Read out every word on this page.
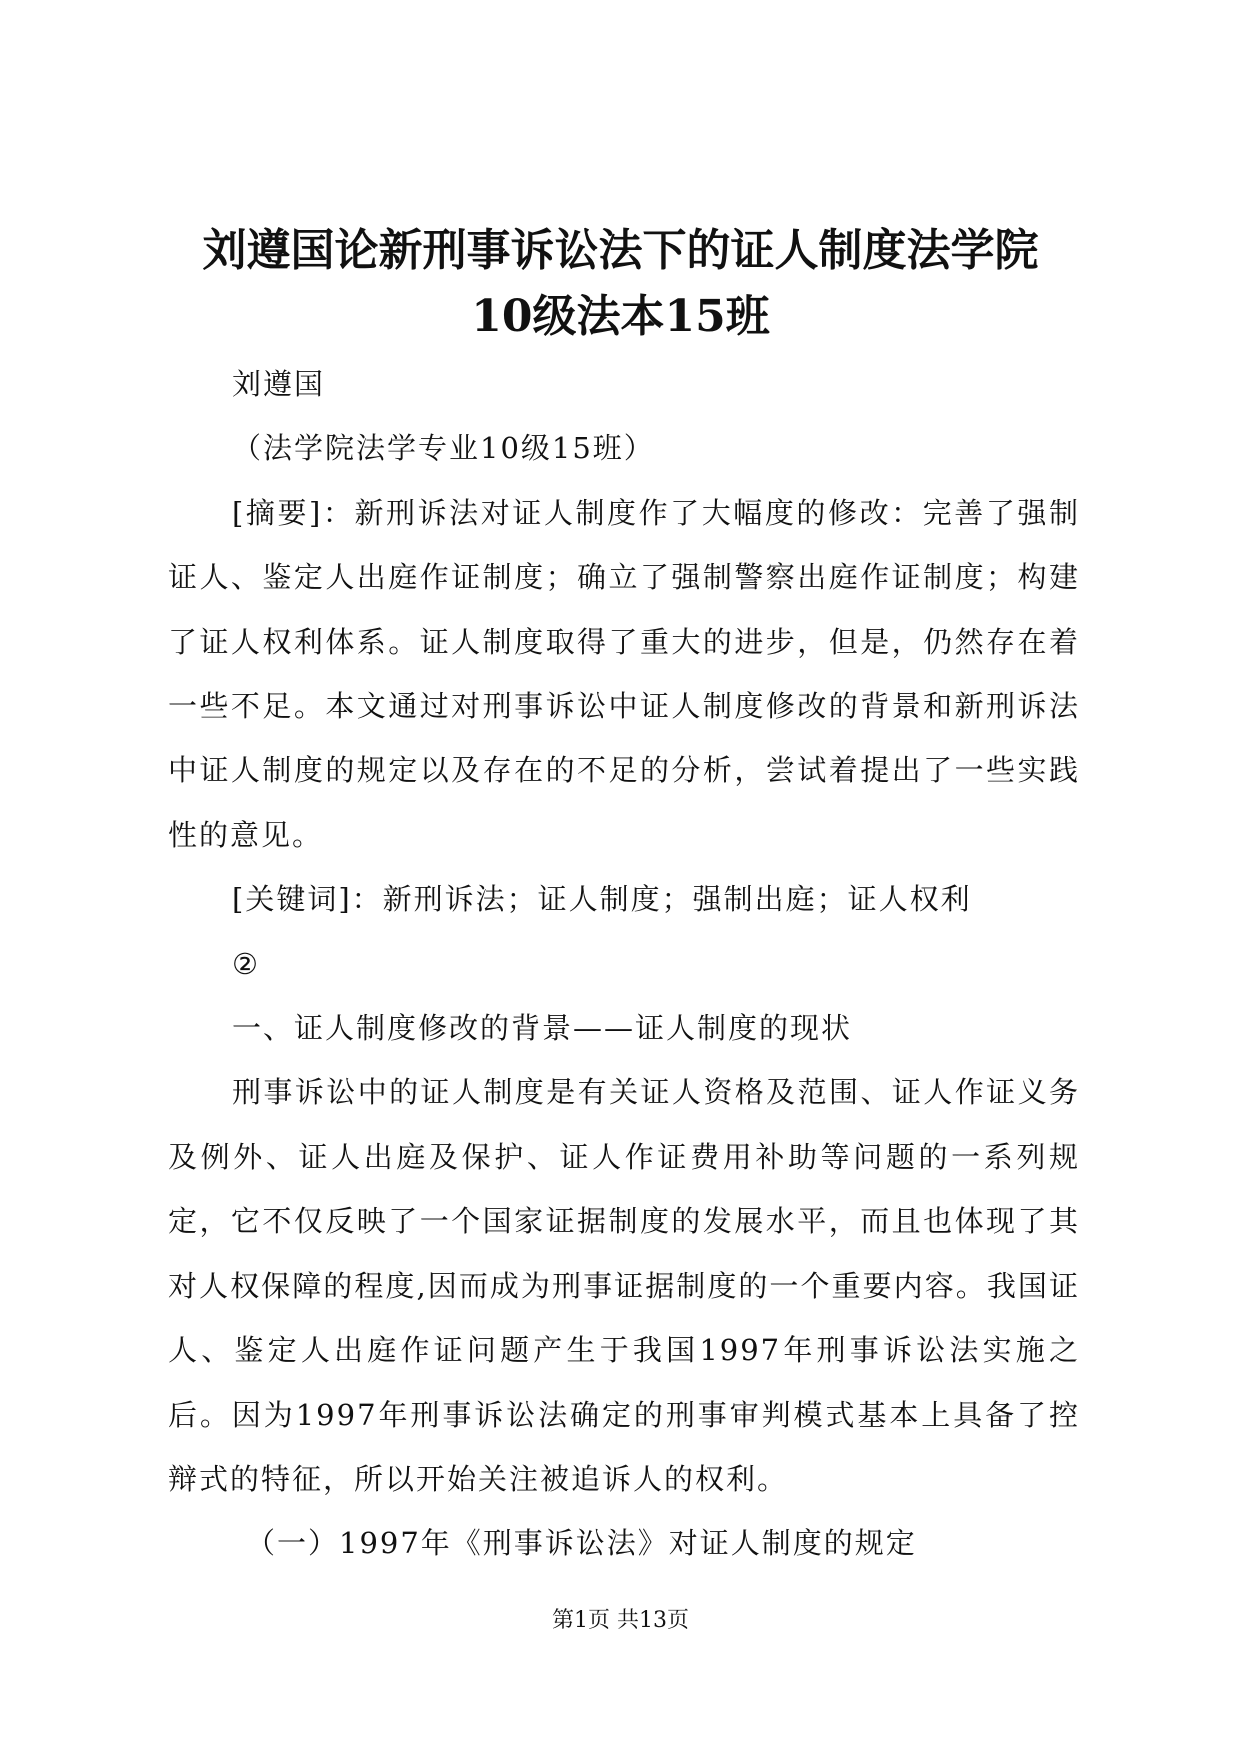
刘遵国论新刑事诉讼法下的证人制度法学院
10级法本15班

刘遵国

（法学院法学专业10级15班）

[摘要]：新刑诉法对证人制度作了大幅度的修改：完善了强制证人、鉴定人出庭作证制度；确立了强制警察出庭作证制度；构建了证人权利体系。证人制度取得了重大的进步，但是，仍然存在着一些不足。本文通过对刑事诉讼中证人制度修改的背景和新刑诉法中证人制度的规定以及存在的不足的分析，尝试着提出了一些实践性的意见。

[关键词]：新刑诉法；证人制度；强制出庭；证人权利

②

一、证人制度修改的背景——证人制度的现状

刑事诉讼中的证人制度是有关证人资格及范围、证人作证义务及例外、证人出庭及保护、证人作证费用补助等问题的一系列规定，它不仅反映了一个国家证据制度的发展水平，而且也体现了其对人权保障的程度,因而成为刑事证据制度的一个重要内容。我国证人、鉴定人出庭作证问题产生于我国1997年刑事诉讼法实施之后。因为1997年刑事诉讼法确定的刑事审判模式基本上具备了控辩式的特征，所以开始关注被追诉人的权利。

（一）1997年《刑事诉讼法》对证人制度的规定

第1页 共13页
